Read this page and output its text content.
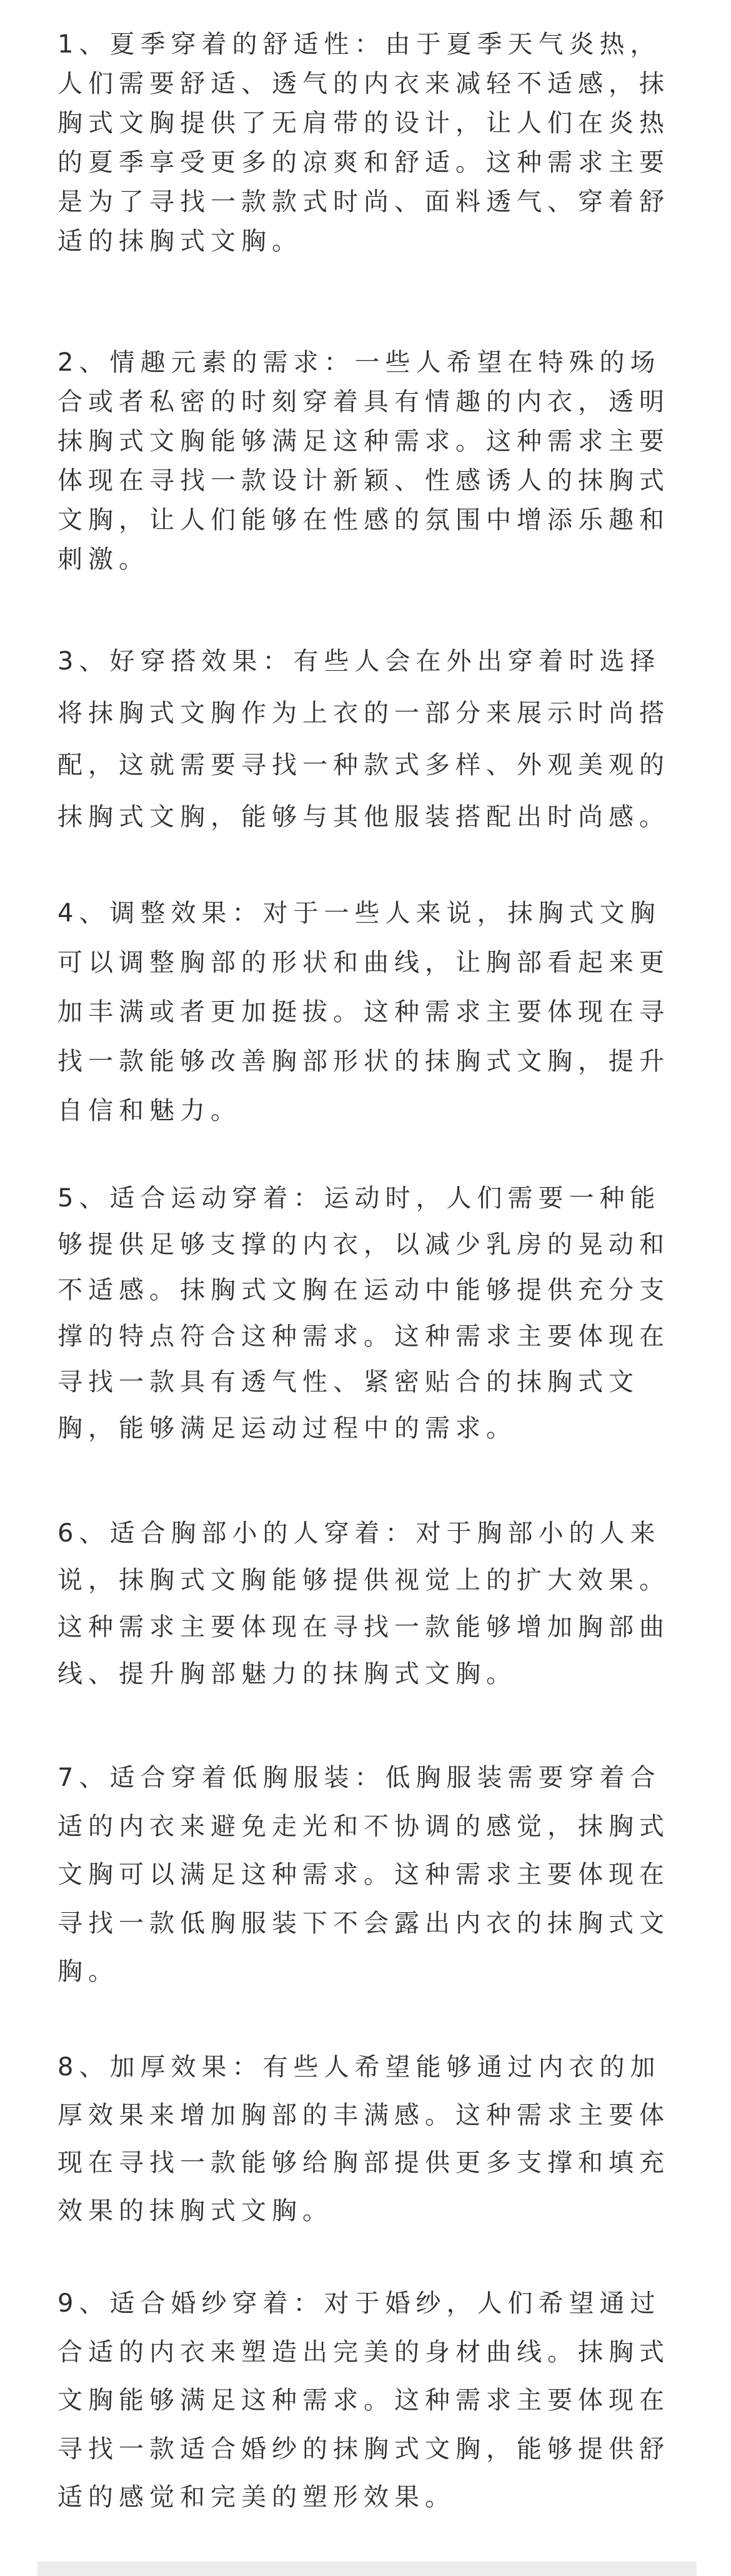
1、夏季穿着的舒适性：由于夏季天气炎热，
人们需要舒适、透气的内衣来减轻不适感，抹
胸式文胸提供了无肩带的设计，让人们在炎热
的夏季享受更多的凉爽和舒适。这种需求主要
是为了寻找一款款式时尚、面料透气、穿着舒
适的抹胸式文胸。
2、情趣元素的需求：一些人希望在特殊的场
合或者私密的时刻穿着具有情趣的内衣，透明
抹胸式文胸能够满足这种需求。这种需求主要
体现在寻找一款设计新颖、性感诱人的抹胸式
文胸，让人们能够在性感的氛围中增添乐趣和
刺激。
3、好穿搭效果：有些人会在外出穿着时选择
将抹胸式文胸作为上衣的一部分来展示时尚搭
配，这就需要寻找一种款式多样、外观美观的
抹胸式文胸，能够与其他服装搭配出时尚感。
4、调整效果：对于一些人来说，抹胸式文胸
可以调整胸部的形状和曲线，让胸部看起来更
加丰满或者更加挺拔。这种需求主要体现在寻
找一款能够改善胸部形状的抹胸式文胸，提升
自信和魅力。
5、适合运动穿着：运动时，人们需要一种能
够提供足够支撑的内衣，以减少乳房的晃动和
不适感。抹胸式文胸在运动中能够提供充分支
撑的特点符合这种需求。这种需求主要体现在
寻找一款具有透气性、紧密贴合的抹胸式文
胸，能够满足运动过程中的需求。
6、适合胸部小的人穿着：对于胸部小的人来
说，抹胸式文胸能够提供视觉上的扩大效果。
这种需求主要体现在寻找一款能够增加胸部曲
线、提升胸部魅力的抹胸式文胸。
7、适合穿着低胸服装：低胸服装需要穿着合
适的内衣来避免走光和不协调的感觉，抹胸式
文胸可以满足这种需求。这种需求主要体现在
寻找一款低胸服装下不会露出内衣的抹胸式文
胸。
8、加厚效果：有些人希望能够通过内衣的加
厚效果来增加胸部的丰满感。这种需求主要体
现在寻找一款能够给胸部提供更多支撑和填充
效果的抹胸式文胸。
9、适合婚纱穿着：对于婚纱，人们希望通过
合适的内衣来塑造出完美的身材曲线。抹胸式
文胸能够满足这种需求。这种需求主要体现在
寻找一款适合婚纱的抹胸式文胸，能够提供舒
适的感觉和完美的塑形效果。
